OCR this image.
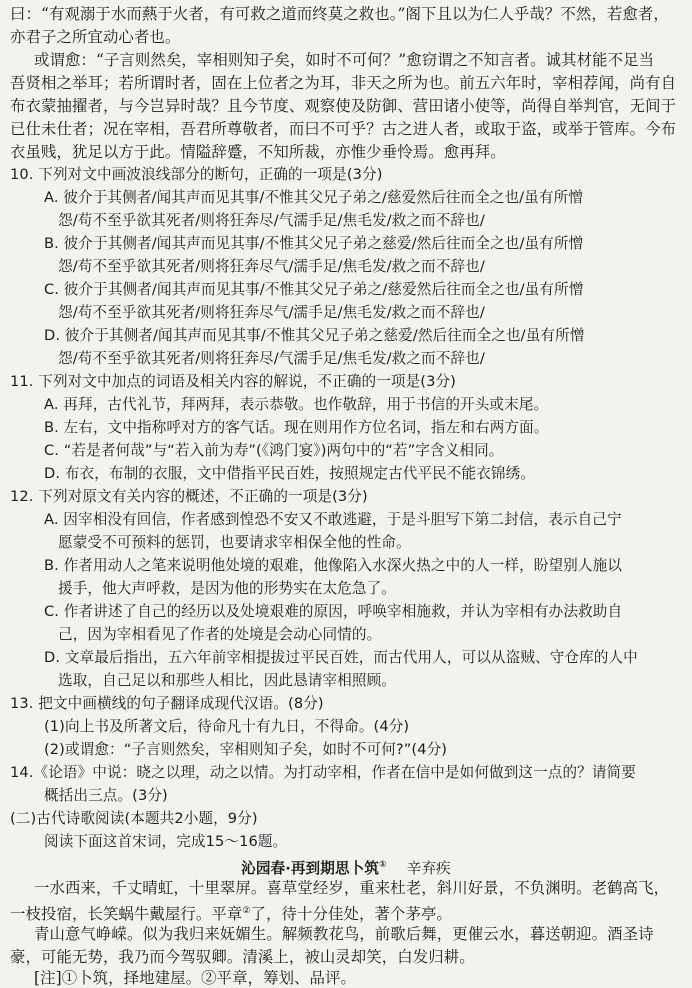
曰：“有观溺于水而爇于火者，有可救之道而终莫之救也。”阁下且以为仁人乎哉？不然，若愈者，
亦君子之所宜动心者也。
或谓愈：“子言则然矣，宰相则知子矣，如时不可何？”愈窃谓之不知言者。诚其材能不足当
吾贤相之举耳；若所谓时者，固在上位者之为耳，非天之所为也。前五六年时，宰相荐闻，尚有自
布衣蒙抽擢者，与今岂异时哉？且今节度、观察使及防御、营田诸小使等，尚得自举判官，无间于
已仕未仕者；况在宰相，吾君所尊敬者，而曰不可乎？古之进人者，或取于盗，或举于管库。今布
衣虽贱，犹足以方于此。情隘辞蹙，不知所裁，亦惟少垂怜焉。愈再拜。
10. 下列对文中画波浪线部分的断句，正确的一项是(3分)
A. 彼介于其侧者/闻其声而见其事/不惟其父兄子弟之/慈爱然后往而全之也/虽有所憎
怨/苟不至乎欲其死者/则将狂奔尽/气濡手足/焦毛发/救之而不辞也/
B. 彼介于其侧者/闻其声而见其事/不惟其父兄子弟之慈爱/然后往而全之也/虽有所憎
怨/苟不至乎欲其死者/则将狂奔尽气/濡手足/焦毛发/救之而不辞也/
C. 彼介于其侧者/闻其声而见其事/不惟其父兄子弟之/慈爱然后往而全之也/虽有所憎
怨/苟不至乎欲其死者/则将狂奔尽气/濡手足/焦毛发/救之而不辞也/
D. 彼介于其侧者/闻其声而见其事/不惟其父兄子弟之慈爱/然后往而全之也/虽有所憎
怨/苟不至乎欲其死者/则将狂奔尽/气濡手足/焦毛发/救之而不辞也/
11. 下列对文中加点的词语及相关内容的解说，不正确的一项是(3分)
A. 再拜，古代礼节，拜两拜，表示恭敬。也作敬辞，用于书信的开头或末尾。
B. 左右，文中指称呼对方的客气话。现在则用作方位名词，指左和右两方面。
C. “若是者何哉”与“若入前为寿”(《鸿门宴》)两句中的“若”字含义相同。
D. 布衣，布制的衣服，文中借指平民百姓，按照规定古代平民不能衣锦绣。
12. 下列对原文有关内容的概述，不正确的一项是(3分)
A. 因宰相没有回信，作者感到惶恐不安又不敢逃避，于是斗胆写下第二封信，表示自己宁
愿蒙受不可预料的惩罚，也要请求宰相保全他的性命。
B. 作者用动人之笔来说明他处境的艰难，他像陷入水深火热之中的人一样，盼望别人施以
援手，他大声呼救，是因为他的形势实在太危急了。
C. 作者讲述了自己的经历以及处境艰难的原因，呼唤宰相施救，并认为宰相有办法救助自
己，因为宰相看见了作者的处境是会动心同情的。
D. 文章最后指出，五六年前宰相提拔过平民百姓，而古代用人，可以从盗贼、守仓库的人中
选取，自己足以和那些人相比，因此恳请宰相照顾。
13. 把文中画横线的句子翻译成现代汉语。(8分)
(1)向上书及所著文后，待命凡十有九日，不得命。(4分)
(2)或谓愈：“子言则然矣，宰相则知子矣，如时不可何?”(4分)
14.《论语》中说：晓之以理，动之以情。为打动宰相，作者在信中是如何做到这一点的？请简要
概括出三点。(3分)
(二)古代诗歌阅读(本题共2小题，9分)
阅读下面这首宋词，完成15～16题。
沁园春·再到期思卜筑① 辛弃疾
一水西来，千丈晴虹，十里翠屏。喜草堂经岁，重来杜老，斜川好景，不负渊明。老鹤高飞，
一枝投宿，长笑蜗牛戴屋行。平章②了，待十分佳处，著个茅亭。
青山意气峥嵘。似为我归来妩媚生。解频教花鸟，前歌后舞，更催云水，暮送朝迎。酒圣诗
豪，可能无势，我乃而今驾驭卿。清溪上，被山灵却笑，白发归耕。
[注]①卜筑，择地建屋。②平章，筹划、品评。
